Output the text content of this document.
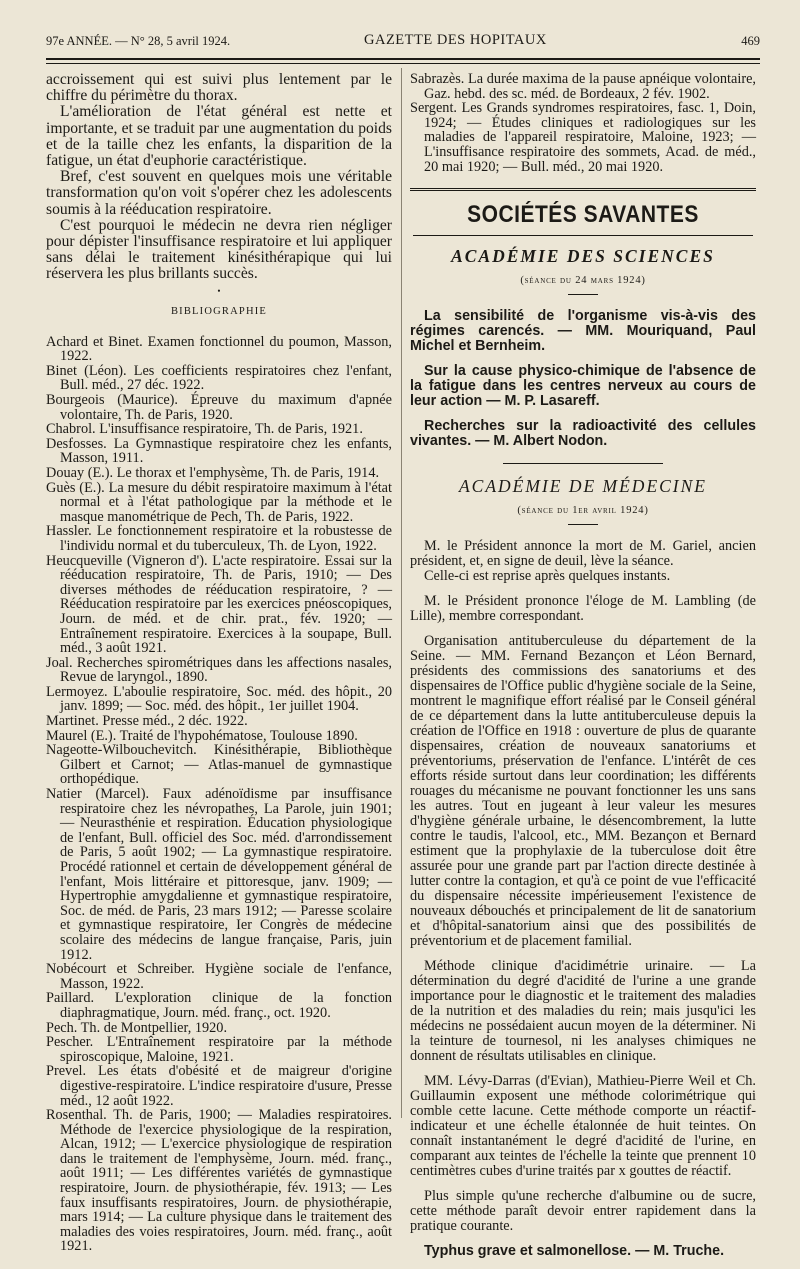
97e ANNÉE. — N° 28, 5 avril 1924.	GAZETTE DES HOPITAUX	469

accroissement qui est suivi plus lentement par le chiffre du périmètre du thorax.

L'amélioration de l'état général est nette et importante, et se traduit par une augmentation du poids et de la taille chez les enfants, la disparition de la fatigue, un état d'euphorie caractéristique.

Bref, c'est souvent en quelques mois une véritable transformation qu'on voit s'opérer chez les adolescents soumis à la rééducation respiratoire.

C'est pourquoi le médecin ne devra rien négliger pour dépister l'insuffisance respiratoire et lui appliquer sans délai le traitement kinésithérapique qui lui réservera les plus brillants succès.

•
BIBLIOGRAPHIE
Achard et Binet. Examen fonctionnel du poumon, Masson, 1922.
Binet (Léon). Les coefficients respiratoires chez l'enfant, Bull. méd., 27 déc. 1922.
Bourgeois (Maurice). Épreuve du maximum d'apnée volontaire, Th. de Paris, 1920.
Chabrol. L'insuffisance respiratoire, Th. de Paris, 1921.
Desfosses. La Gymnastique respiratoire chez les enfants, Masson, 1911.
Douay (E.). Le thorax et l'emphysème, Th. de Paris, 1914.
Guès (E.). La mesure du débit respiratoire maximum à l'état normal et à l'état pathologique par la méthode et le masque manométrique de Pech, Th. de Paris, 1922.
Hassler. Le fonctionnement respiratoire et la robustesse de l'individu normal et du tuberculeux, Th. de Lyon, 1922.
Heucqueville (Vigneron d'). L'acte respiratoire. Essai sur la rééducation respiratoire, Th. de Paris, 1910; — Des diverses méthodes de rééducation respiratoire, ? — Rééducation respiratoire par les exercices pnéoscopiques, Journ. de méd. et de chir. prat., fév. 1920; — Entraînement respiratoire. Exercices à la soupape, Bull. méd., 3 août 1921.
Joal. Recherches spirométriques dans les affections nasales, Revue de laryngol., 1890.
Lermoyez. L'aboulie respiratoire, Soc. méd. des hôpit., 20 janv. 1899; — Soc. méd. des hôpit., 1er juillet 1904.
Martinet. Presse méd., 2 déc. 1922.
Maurel (E.). Traité de l'hypohématose, Toulouse 1890.
Nageotte-Wilbouchevitch. Kinésithérapie, Bibliothèque Gilbert et Carnot; — Atlas-manuel de gymnastique orthopédique.
Natier (Marcel). Faux adénoïdisme par insuffisance respiratoire chez les névropathes, La Parole, juin 1901; — Neurasthénie et respiration. Éducation physiologique de l'enfant, Bull. officiel des Soc. méd. d'arrondissement de Paris, 5 août 1902; — La gymnastique respiratoire. Procédé rationnel et certain de développement général de l'enfant, Mois littéraire et pittoresque, janv. 1909; — Hypertrophie amygdalienne et gymnastique respiratoire, Soc. de méd. de Paris, 23 mars 1912; — Paresse scolaire et gymnastique respiratoire, Ier Congrès de médecine scolaire des médecins de langue française, Paris, juin 1912.
Nobécourt et Schreiber. Hygiène sociale de l'enfance, Masson, 1922.
Paillard. L'exploration clinique de la fonction diaphragmatique, Journ. méd. franç., oct. 1920.
Pech. Th. de Montpellier, 1920.
Pescher. L'Entraînement respiratoire par la méthode spiroscopique, Maloine, 1921.
Prevel. Les états d'obésité et de maigreur d'origine digestive-respiratoire. L'indice respiratoire d'usure, Presse méd., 12 août 1922.
Rosenthal. Th. de Paris, 1900; — Maladies respiratoires. Méthode de l'exercice physiologique de la respiration, Alcan, 1912; — L'exercice physiologique de respiration dans le traitement de l'emphysème, Journ. méd. franç., août 1911; — Les différentes variétés de gymnastique respiratoire, Journ. de physiothérapie, fév. 1913; — Les faux insuffisants respiratoires, Journ. de physiothérapie, mars 1914; — La culture physique dans le traitement des maladies des voies respiratoires, Journ. méd. franç., août 1921.
Sabrazès. La durée maxima de la pause apnéique volontaire, Gaz. hebd. des sc. méd. de Bordeaux, 2 fév. 1902.
Sergent. Les Grands syndromes respiratoires, fasc. 1, Doin, 1924; — Études cliniques et radiologiques sur les maladies de l'appareil respiratoire, Maloine, 1923; — L'insuffisance respiratoire des sommets, Acad. de méd., 20 mai 1920; — Bull. méd., 20 mai 1920.
SOCIÉTÉS SAVANTES
ACADÉMIE DES SCIENCES
(séance du 24 mars 1924)

La sensibilité de l'organisme vis-à-vis des régimes carencés. — MM. Mouriquand, Paul Michel et Bernheim.

Sur la cause physico-chimique de l'absence de la fatigue dans les centres nerveux au cours de leur action — M. P. Lasareff.

Recherches sur la radioactivité des cellules vivantes. — M. Albert Nodon.

ACADÉMIE DE MÉDECINE
(séance du 1er avril 1924)

M. le Président annonce la mort de M. Gariel, ancien président, et, en signe de deuil, lève la séance.

Celle-ci est reprise après quelques instants.

M. le Président prononce l'éloge de M. Lambling (de Lille), membre correspondant.

Organisation antituberculeuse du département de la Seine. — MM. Fernand Bezançon et Léon Bernard, présidents des commissions des sanatoriums et des dispensaires de l'Office public d'hygiène sociale de la Seine, montrent le magnifique effort réalisé par le Conseil général de ce département dans la lutte antituberculeuse depuis la création de l'Office en 1918 : ouverture de plus de quarante dispensaires, création de nouveaux sanatoriums et préventoriums, préservation de l'enfance. L'intérêt de ces efforts réside surtout dans leur coordination; les différents rouages du mécanisme ne pouvant fonctionner les uns sans les autres. Tout en jugeant à leur valeur les mesures d'hygiène générale urbaine, le désencombrement, la lutte contre le taudis, l'alcool, etc., MM. Bezançon et Bernard estiment que la prophylaxie de la tuberculose doit être assurée pour une grande part par l'action directe destinée à lutter contre la contagion, et qu'à ce point de vue l'efficacité du dispensaire nécessite impérieusement l'existence de nouveaux débouchés et principalement de lit de sanatorium et d'hôpital-sanatorium ainsi que des possibilités de préventorium et de placement familial.

Méthode clinique d'acidimétrie urinaire. — La détermination du degré d'acidité de l'urine a une grande importance pour le diagnostic et le traitement des maladies de la nutrition et des maladies du rein; mais jusqu'ici les médecins ne possédaient aucun moyen de la déterminer. Ni la teinture de tournesol, ni les analyses chimiques ne donnent de résultats utilisables en clinique.

MM. Lévy-Darras (d'Evian), Mathieu-Pierre Weil et Ch. Guillaumin exposent une méthode colorimétrique qui comble cette lacune. Cette méthode comporte un réactif-indicateur et une échelle étalonnée de huit teintes. On connaît instantanément le degré d'acidité de l'urine, en comparant aux teintes de l'échelle la teinte que prennent 10 centimètres cubes d'urine traités par x gouttes de réactif.

Plus simple qu'une recherche d'albumine ou de sucre, cette méthode paraît devoir entrer rapidement dans la pratique courante.

Typhus grave et salmonellose. — M. Truche.
